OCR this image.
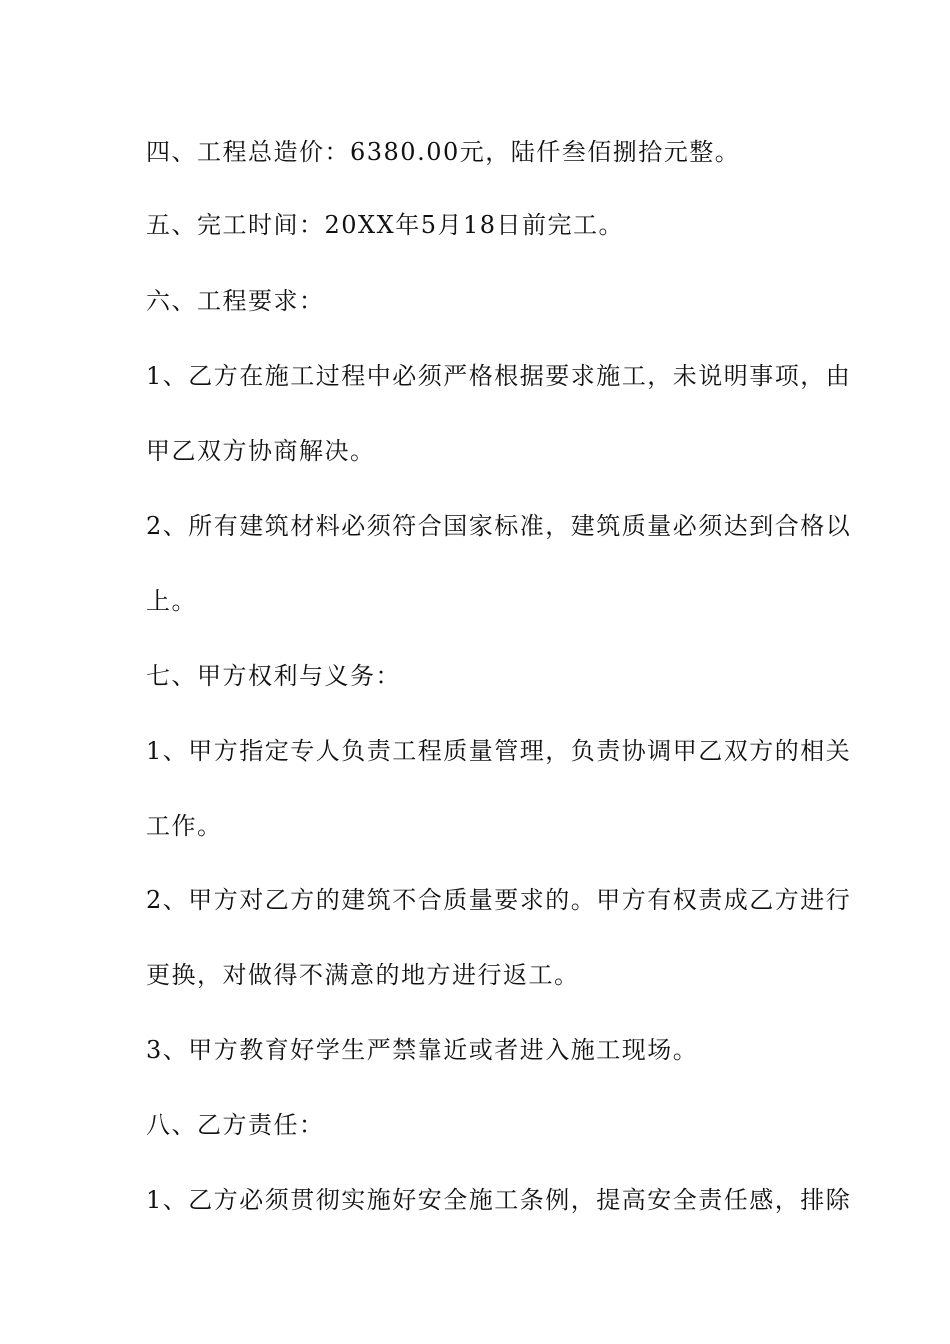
四、工程总造价：6380.00元，陆仟叁佰捌拾元整。
五、完工时间：20XX年5月18日前完工。
六、工程要求：
1、乙方在施工过程中必须严格根据要求施工，未说明事项，由
甲乙双方协商解决。
2、所有建筑材料必须符合国家标准，建筑质量必须达到合格以
上。
七、甲方权利与义务：
1、甲方指定专人负责工程质量管理，负责协调甲乙双方的相关
工作。
2、甲方对乙方的建筑不合质量要求的。甲方有权责成乙方进行
更换，对做得不满意的地方进行返工。
3、甲方教育好学生严禁靠近或者进入施工现场。
八、乙方责任：
1、乙方必须贯彻实施好安全施工条例，提高安全责任感，排除
